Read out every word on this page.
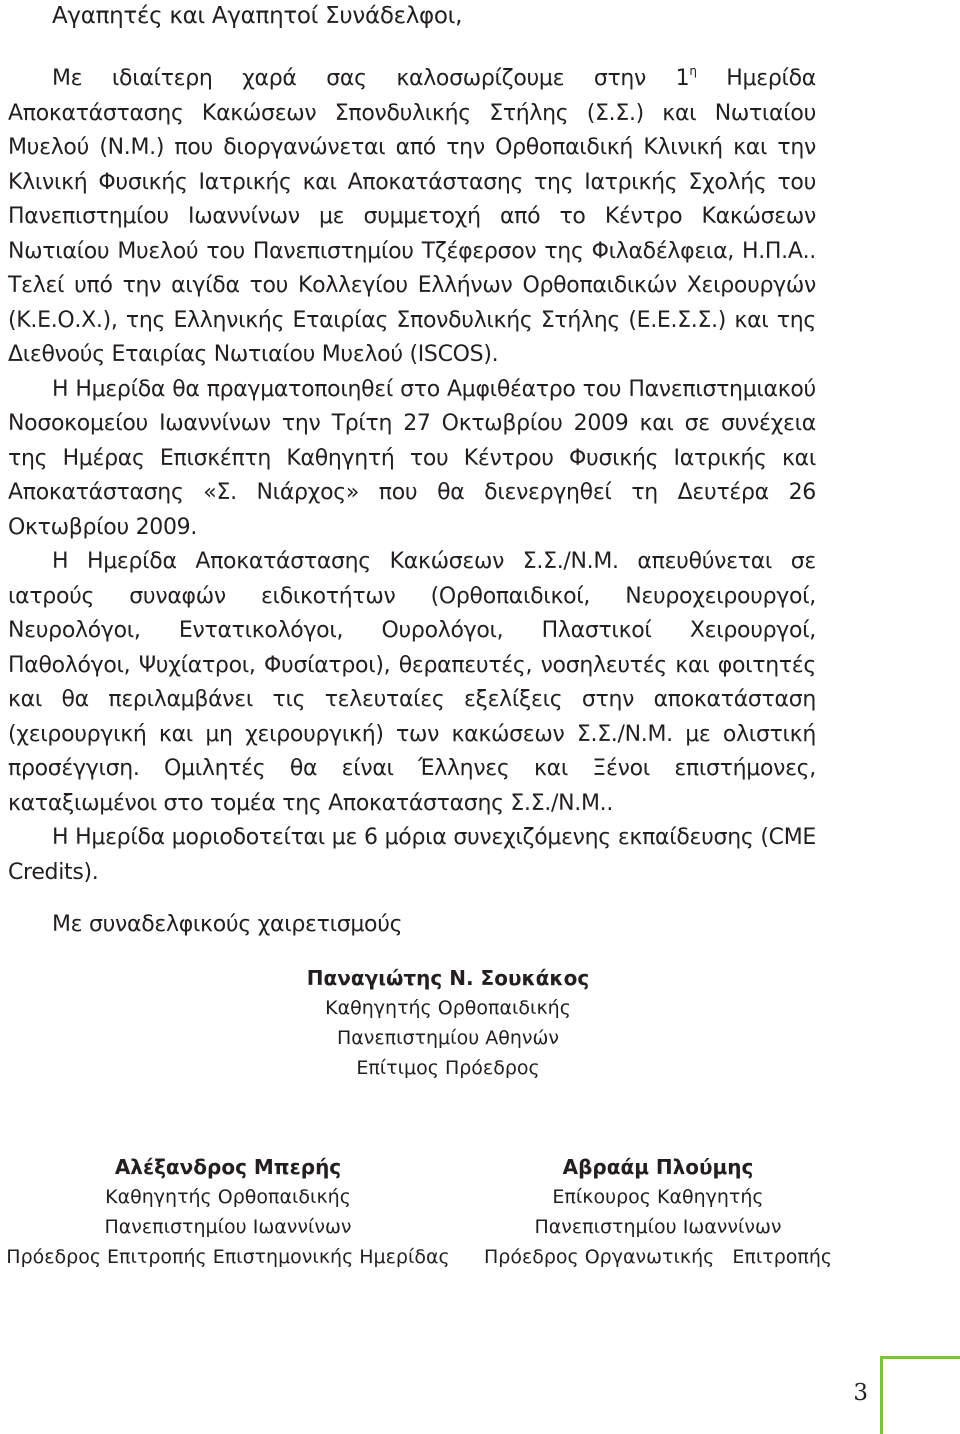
Αγαπητές και Αγαπητοί Συνάδελφοι,

Με ιδιαίτερη χαρά σας καλοσωρίζουμε στην $1^\eta$ Ημερίδα Αποκατάστασης Κακώσεων Σπονδυλικής Στήλης (Σ.Σ.) και Νωτιαίου Μυελού (Ν.Μ.) που διοργανώνεται από την Ορθοπαιδική Κλινική και την Κλινική Φυσικής Ιατρικής και Αποκατάστασης της Ιατρικής Σχολής του Πανεπιστημίου Ιωαννίνων με συμμετοχή από το Κέντρο Κακώσεων Νωτιαίου Μυελού του Πανεπιστημίου Τζέφερσον της Φιλαδέλφεια, Η.Π.Α.. Τελεί υπό την αιγίδα του Κολλεγίου Ελλήνων Ορθοπαιδικών Χειρουργών (Κ.Ε.Ο.Χ.), της Ελληνικής Εταιρίας Σπονδυλικής Στήλης (Ε.Ε.Σ.Σ.) και της Διεθνούς Εταιρίας Νωτιαίου Μυελού (ISCOS).

Η Ημερίδα θα πραγματοποιηθεί στο Αμφιθέατρο του Πανεπιστημιακού Νοσοκομείου Ιωαννίνων την Τρίτη 27 Οκτωβρίου 2009 και σε συνέχεια της Ημέρας Επισκέπτη Καθηγητή του Κέντρου Φυσικής Ιατρικής και Αποκατάστασης «Σ. Νιάρχος» που θα διενεργηθεί τη Δευτέρα 26 Οκτωβρίου 2009.

Η Ημερίδα Αποκατάστασης Κακώσεων Σ.Σ./Ν.Μ. απευθύνεται σε ιατρούς συναφών ειδικοτήτων (Ορθοπαιδικοί, Νευροχειρουργοί, Νευρολόγοι, Εντατικολόγοι, Ουρολόγοι, Πλαστικοί Χειρουργοί, Παθολόγοι, Ψυχίατροι, Φυσίατροι), θεραπευτές, νοσηλευτές και φοιτητές και θα περιλαμβάνει τις τελευταίες εξελίξεις στην αποκατάσταση (χειρουργική και μη χειρουργική) των κακώσεων Σ.Σ./Ν.Μ. με ολιστική προσέγγιση. Ομιλητές θα είναι Έλληνες και Ξένοι επιστήμονες, καταξιωμένοι στο τομέα της Αποκατάστασης Σ.Σ./Ν.Μ..

Η Ημερίδα μοριοδοτείται με 6 μόρια συνεχιζόμενης εκπαίδευσης (CME Credits).

Με συναδελφικούς χαιρετισμούς

Παναγιώτης Ν. Σουκάκος
Καθηγητής Ορθοπαιδικής
Πανεπιστημίου Αθηνών
Επίτιμος Πρόεδρος
Αλέξανδρος Μπερής
Καθηγητής Ορθοπαιδικής
Πανεπιστημίου Ιωαννίνων
Πρόεδρος Επιτροπής Επιστημονικής Ημερίδας
Αβραάμ Πλούμης
Επίκουρος Καθηγητής
Πανεπιστημίου Ιωαννίνων
Πρόεδρος Οργανωτικής   Επιτροπής
3
